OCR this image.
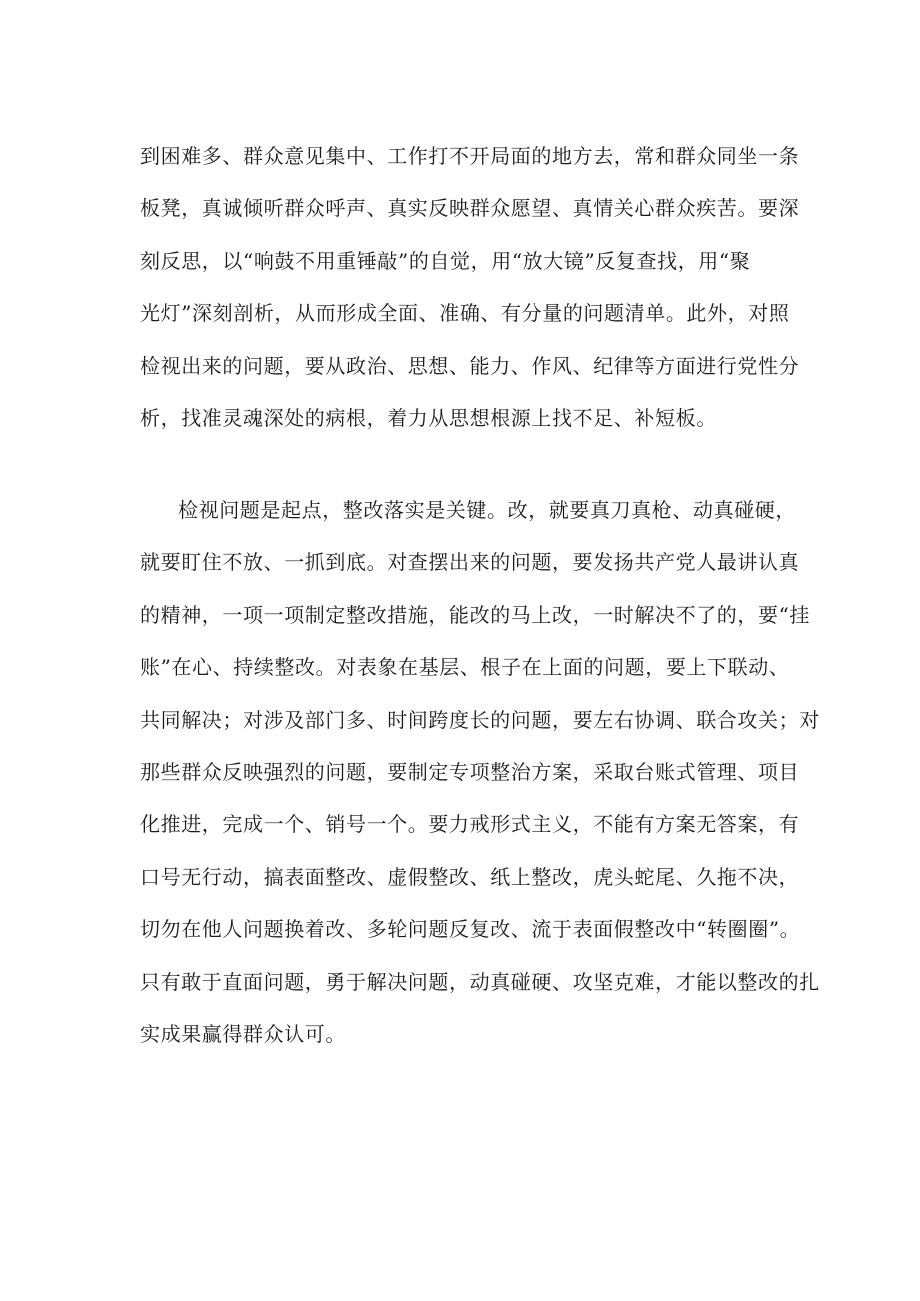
到困难多、群众意见集中、工作打不开局面的地方去，常和群众同坐一条
板凳，真诚倾听群众呼声、真实反映群众愿望、真情关心群众疾苦。要深
刻反思，以“响鼓不用重锤敲”的自觉，用“放大镜”反复查找，用“聚
光灯”深刻剖析，从而形成全面、准确、有分量的问题清单。此外，对照
检视出来的问题，要从政治、思想、能力、作风、纪律等方面进行党性分
析，找准灵魂深处的病根，着力从思想根源上找不足、补短板。
检视问题是起点，整改落实是关键。改，就要真刀真枪、动真碰硬，
就要盯住不放、一抓到底。对查摆出来的问题，要发扬共产党人最讲认真
的精神，一项一项制定整改措施，能改的马上改，一时解决不了的，要“挂
账”在心、持续整改。对表象在基层、根子在上面的问题，要上下联动、
共同解决；对涉及部门多、时间跨度长的问题，要左右协调、联合攻关；对
那些群众反映强烈的问题，要制定专项整治方案，采取台账式管理、项目
化推进，完成一个、销号一个。要力戒形式主义，不能有方案无答案，有
口号无行动，搞表面整改、虚假整改、纸上整改，虎头蛇尾、久拖不决，
切勿在他人问题换着改、多轮问题反复改、流于表面假整改中“转圈圈”。
只有敢于直面问题，勇于解决问题，动真碰硬、攻坚克难，才能以整改的扎
实成果赢得群众认可。
